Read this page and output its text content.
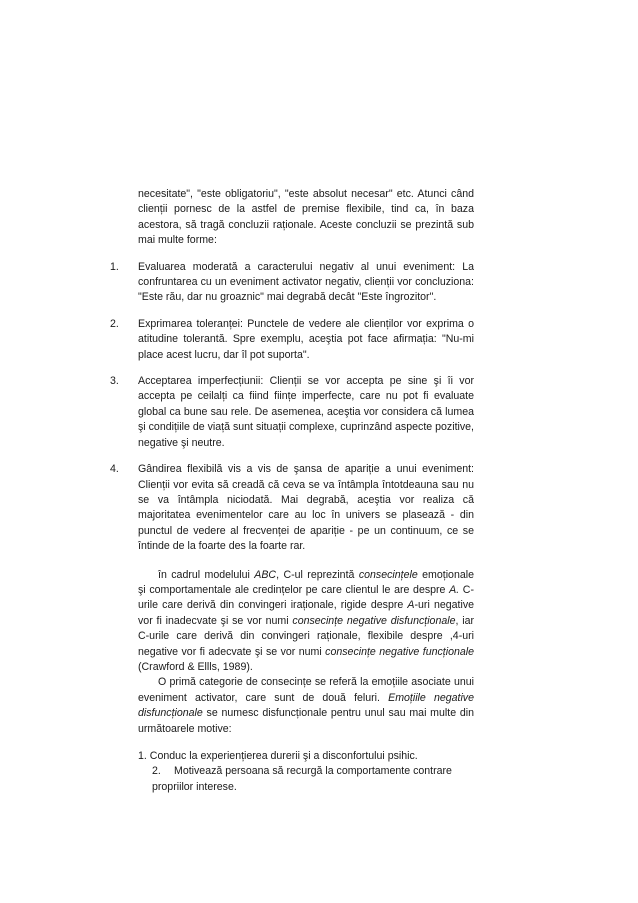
necesitate", "este obligatoriu", "este absolut necesar" etc. Atunci când clienții pornesc de la astfel de premise flexibile, tind ca, în baza acestora, să tragă concluzii raționale. Aceste concluzii se prezintă sub mai multe forme:

1. Evaluarea moderată a caracterului negativ al unui eveniment: La confruntarea cu un eveniment activator negativ, clienții vor concluziona: "Este rău, dar nu groaznic" mai degrabă decât "Este îngrozitor".
2. Exprimarea toleranței: Punctele de vedere ale clienților vor exprima o atitudine tolerantă. Spre exemplu, aceştia pot face afirmația: "Nu-mi place acest lucru, dar îl pot suporta".
3. Acceptarea imperfecțiunii: Clienții se vor accepta pe sine şi îi vor accepta pe ceilalți ca fiind ființe imperfecte, care nu pot fi evaluate global ca bune sau rele. De asemenea, aceştia vor considera că lumea şi condițiile de viață sunt situații complexe, cuprinzând aspecte pozitive, negative şi neutre.
4. Gândirea flexibilă vis a vis de şansa de apariție a unui eveniment: Clienții vor evita să creadă că ceva se va întâmpla întotdeauna sau nu se va întâmpla niciodată. Mai degrabă, aceştia vor realiza că majoritatea evenimentelor care au loc în univers se plasează - din punctul de vedere al frecvenței de apariție - pe un continuum, ce se întinde de la foarte des la foarte rar.

în cadrul modelului ABC, C-ul reprezintă consecințele emoționale şi comportamentale ale credințelor pe care clientul le are despre A. C-urile care derivă din convingeri iraționale, rigide despre A-uri negative vor fi inadecvate şi se vor numi consecințe negative disfuncționale, iar C-urile care derivă din convingeri raționale, flexibile despre ,4-uri negative vor fi adecvate şi se vor numi consecințe negative funcționale (Crawford & Ellls, 1989).

O primă categorie de consecințe se referă la emoțiile asociate unui eveniment activator, care sunt de două feluri. Emoțiile negative disfuncționale se numesc disfuncționale pentru unul sau mai multe din următoarele motive:

1. Conduc la experiențierea durerii şi a disconfortului psihic.

2. Motivează persoana să recurgă la comportamente contrare propriilor interese.
